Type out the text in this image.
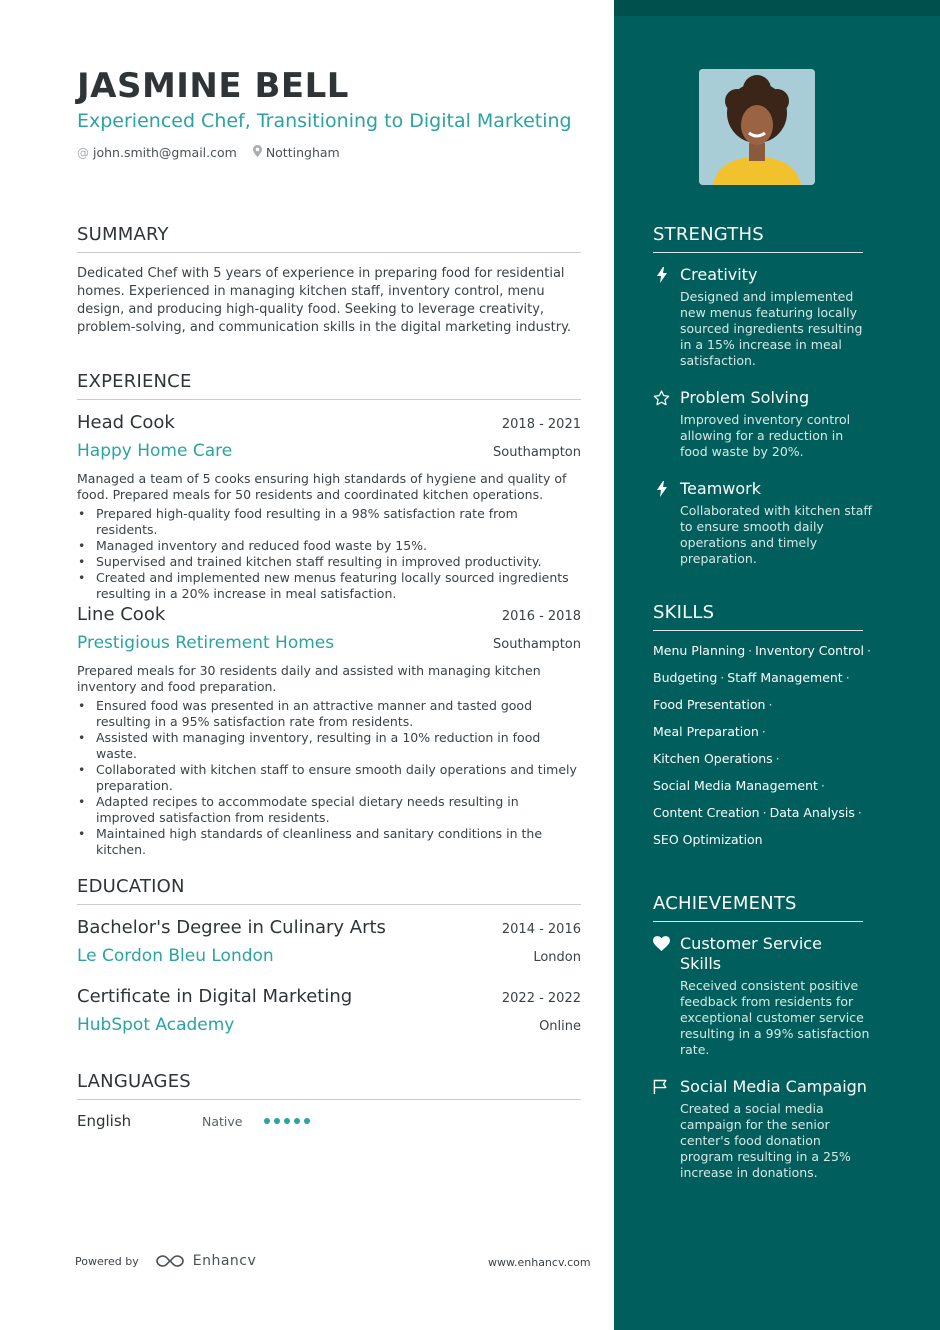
JASMINE BELL
Experienced Chef, Transitioning to Digital Marketing
@ john.smith@gmail.com Nottingham
SUMMARY
Dedicated Chef with 5 years of experience in preparing food for residential homes. Experienced in managing kitchen staff, inventory control, menu design, and producing high-quality food. Seeking to leverage creativity, problem-solving, and communication skills in the digital marketing industry.
EXPERIENCE
Head Cook	2018 - 2021
Happy Home Care	Southampton
Managed a team of 5 cooks ensuring high standards of hygiene and quality of food. Prepared meals for 50 residents and coordinated kitchen operations.
• Prepared high-quality food resulting in a 98% satisfaction rate from residents.
• Managed inventory and reduced food waste by 15%.
• Supervised and trained kitchen staff resulting in improved productivity.
• Created and implemented new menus featuring locally sourced ingredients resulting in a 20% increase in meal satisfaction.
Line Cook	2016 - 2018
Prestigious Retirement Homes	Southampton
Prepared meals for 30 residents daily and assisted with managing kitchen inventory and food preparation.
• Ensured food was presented in an attractive manner and tasted good resulting in a 95% satisfaction rate from residents.
• Assisted with managing inventory, resulting in a 10% reduction in food waste.
• Collaborated with kitchen staff to ensure smooth daily operations and timely preparation.
• Adapted recipes to accommodate special dietary needs resulting in improved satisfaction from residents.
• Maintained high standards of cleanliness and sanitary conditions in the kitchen.
EDUCATION
Bachelor's Degree in Culinary Arts	2014 - 2016
Le Cordon Bleu London	London
Certificate in Digital Marketing	2022 - 2022
HubSpot Academy	Online
LANGUAGES
English	Native
Powered by	Enhancv	www.enhancv.com
STRENGTHS
Creativity
Designed and implemented new menus featuring locally sourced ingredients resulting in a 15% increase in meal satisfaction.
Problem Solving
Improved inventory control allowing for a reduction in food waste by 20%.
Teamwork
Collaborated with kitchen staff to ensure smooth daily operations and timely preparation.
SKILLS
Menu Planning · Inventory Control ·
Budgeting · Staff Management ·
Food Presentation ·
Meal Preparation ·
Kitchen Operations ·
Social Media Management ·
Content Creation · Data Analysis ·
SEO Optimization
ACHIEVEMENTS
Customer Service Skills
Received consistent positive feedback from residents for exceptional customer service resulting in a 99% satisfaction rate.
Social Media Campaign
Created a social media campaign for the senior center's food donation program resulting in a 25% increase in donations.
